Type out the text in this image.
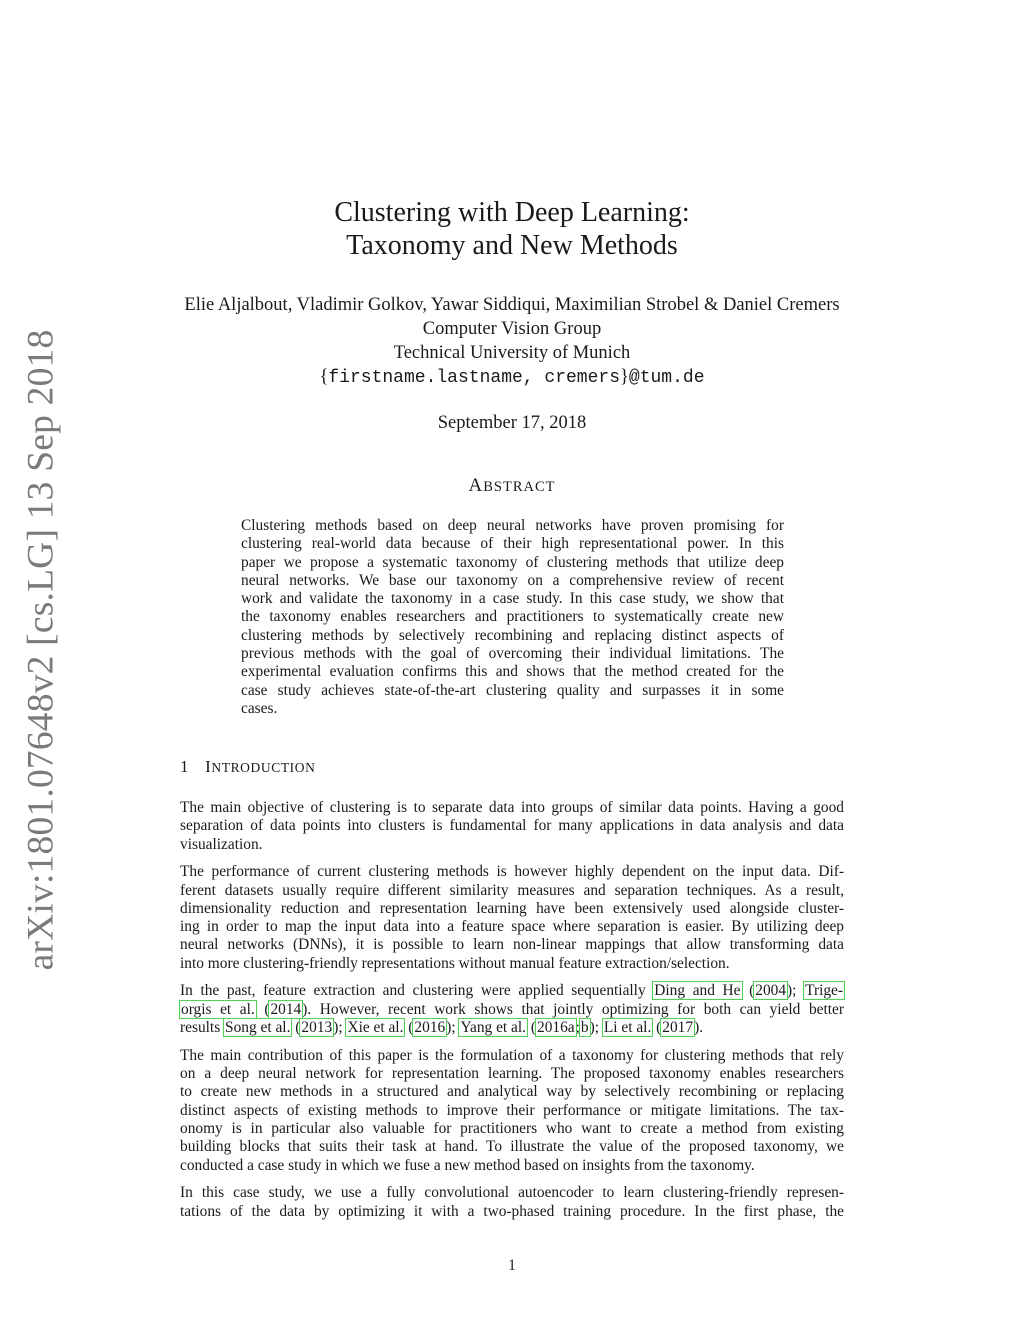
arXiv:1801.07648v2 [cs.LG] 13 Sep 2018
Clustering with Deep Learning:
Taxonomy and New Methods
Elie Aljalbout, Vladimir Golkov, Yawar Siddiqui, Maximilian Strobel & Daniel Cremers
Computer Vision Group
Technical University of Munich
{firstname.lastname, cremers}@tum.de
September 17, 2018
ABSTRACT
Clustering methods based on deep neural networks have proven promising for
clustering real-world data because of their high representational power. In this
paper we propose a systematic taxonomy of clustering methods that utilize deep
neural networks. We base our taxonomy on a comprehensive review of recent
work and validate the taxonomy in a case study. In this case study, we show that
the taxonomy enables researchers and practitioners to systematically create new
clustering methods by selectively recombining and replacing distinct aspects of
previous methods with the goal of overcoming their individual limitations. The
experimental evaluation confirms this and shows that the method created for the
case study achieves state-of-the-art clustering quality and surpasses it in some
cases.
1 INTRODUCTION
The main objective of clustering is to separate data into groups of similar data points. Having a good
separation of data points into clusters is fundamental for many applications in data analysis and data
visualization.
The performance of current clustering methods is however highly dependent on the input data. Dif-
ferent datasets usually require different similarity measures and separation techniques. As a result,
dimensionality reduction and representation learning have been extensively used alongside cluster-
ing in order to map the input data into a feature space where separation is easier. By utilizing deep
neural networks (DNNs), it is possible to learn non-linear mappings that allow transforming data
into more clustering-friendly representations without manual feature extraction/selection.
In the past, feature extraction and clustering were applied sequentially Ding and He (2004); Trige-
orgis et al. (2014). However, recent work shows that jointly optimizing for both can yield better
results Song et al. (2013); Xie et al. (2016); Yang et al. (2016a;b); Li et al. (2017).
The main contribution of this paper is the formulation of a taxonomy for clustering methods that rely
on a deep neural network for representation learning. The proposed taxonomy enables researchers
to create new methods in a structured and analytical way by selectively recombining or replacing
distinct aspects of existing methods to improve their performance or mitigate limitations. The tax-
onomy is in particular also valuable for practitioners who want to create a method from existing
building blocks that suits their task at hand. To illustrate the value of the proposed taxonomy, we
conducted a case study in which we fuse a new method based on insights from the taxonomy.
In this case study, we use a fully convolutional autoencoder to learn clustering-friendly represen-
tations of the data by optimizing it with a two-phased training procedure. In the first phase, the
1
